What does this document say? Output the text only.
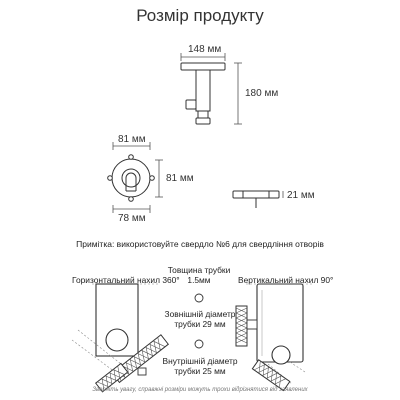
Розмір продукту
148 мм
180 мм
81 мм
81 мм
78 мм
21 мм
Примітка: використовуйте свердло №6 для свердління отворів
Горизонтальний нахил 360°	Вертикальний нахил 90°
Товщина трубки
1.5мм
Зовнішній діаметр
трубки 29 мм
Внутрішній діаметр
трубки 25 мм
Зверніть увагу, справжні розміри можуть трохи відрізнятися від заявлених
